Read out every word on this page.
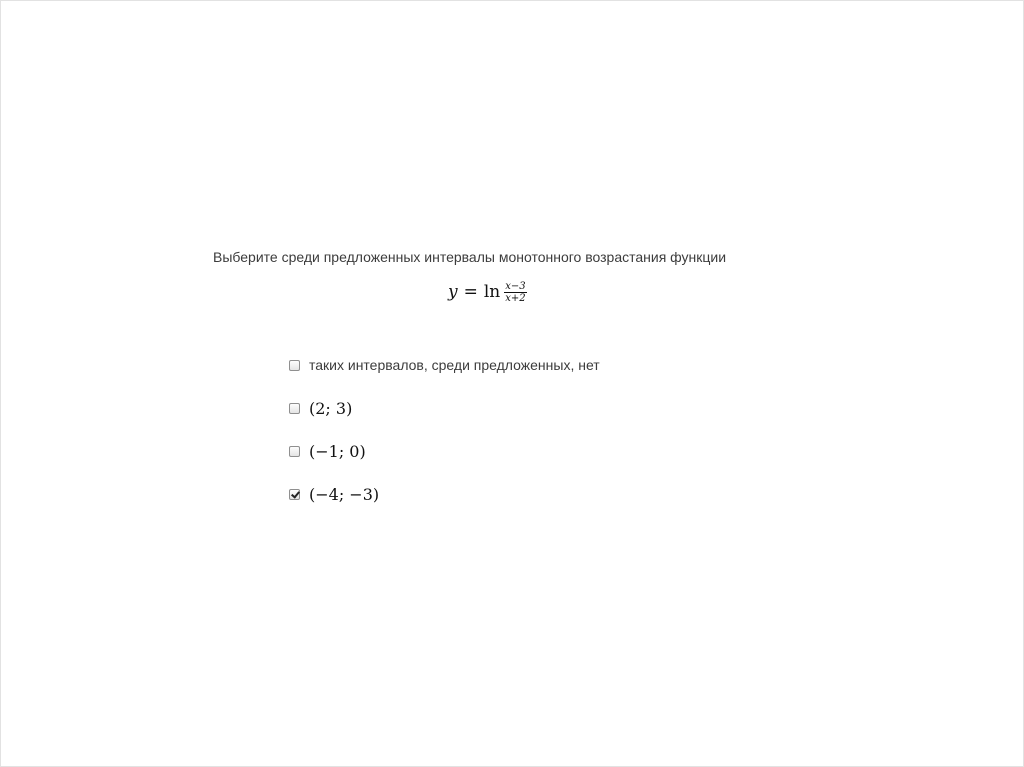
Выберите среди предложенных интервалы монотонного возрастания функции
$y = \ln \frac{x-3}{x+2}$
таких интервалов, среди предложенных, нет
(2; 3)
(−1; 0)
(−4; −3)
